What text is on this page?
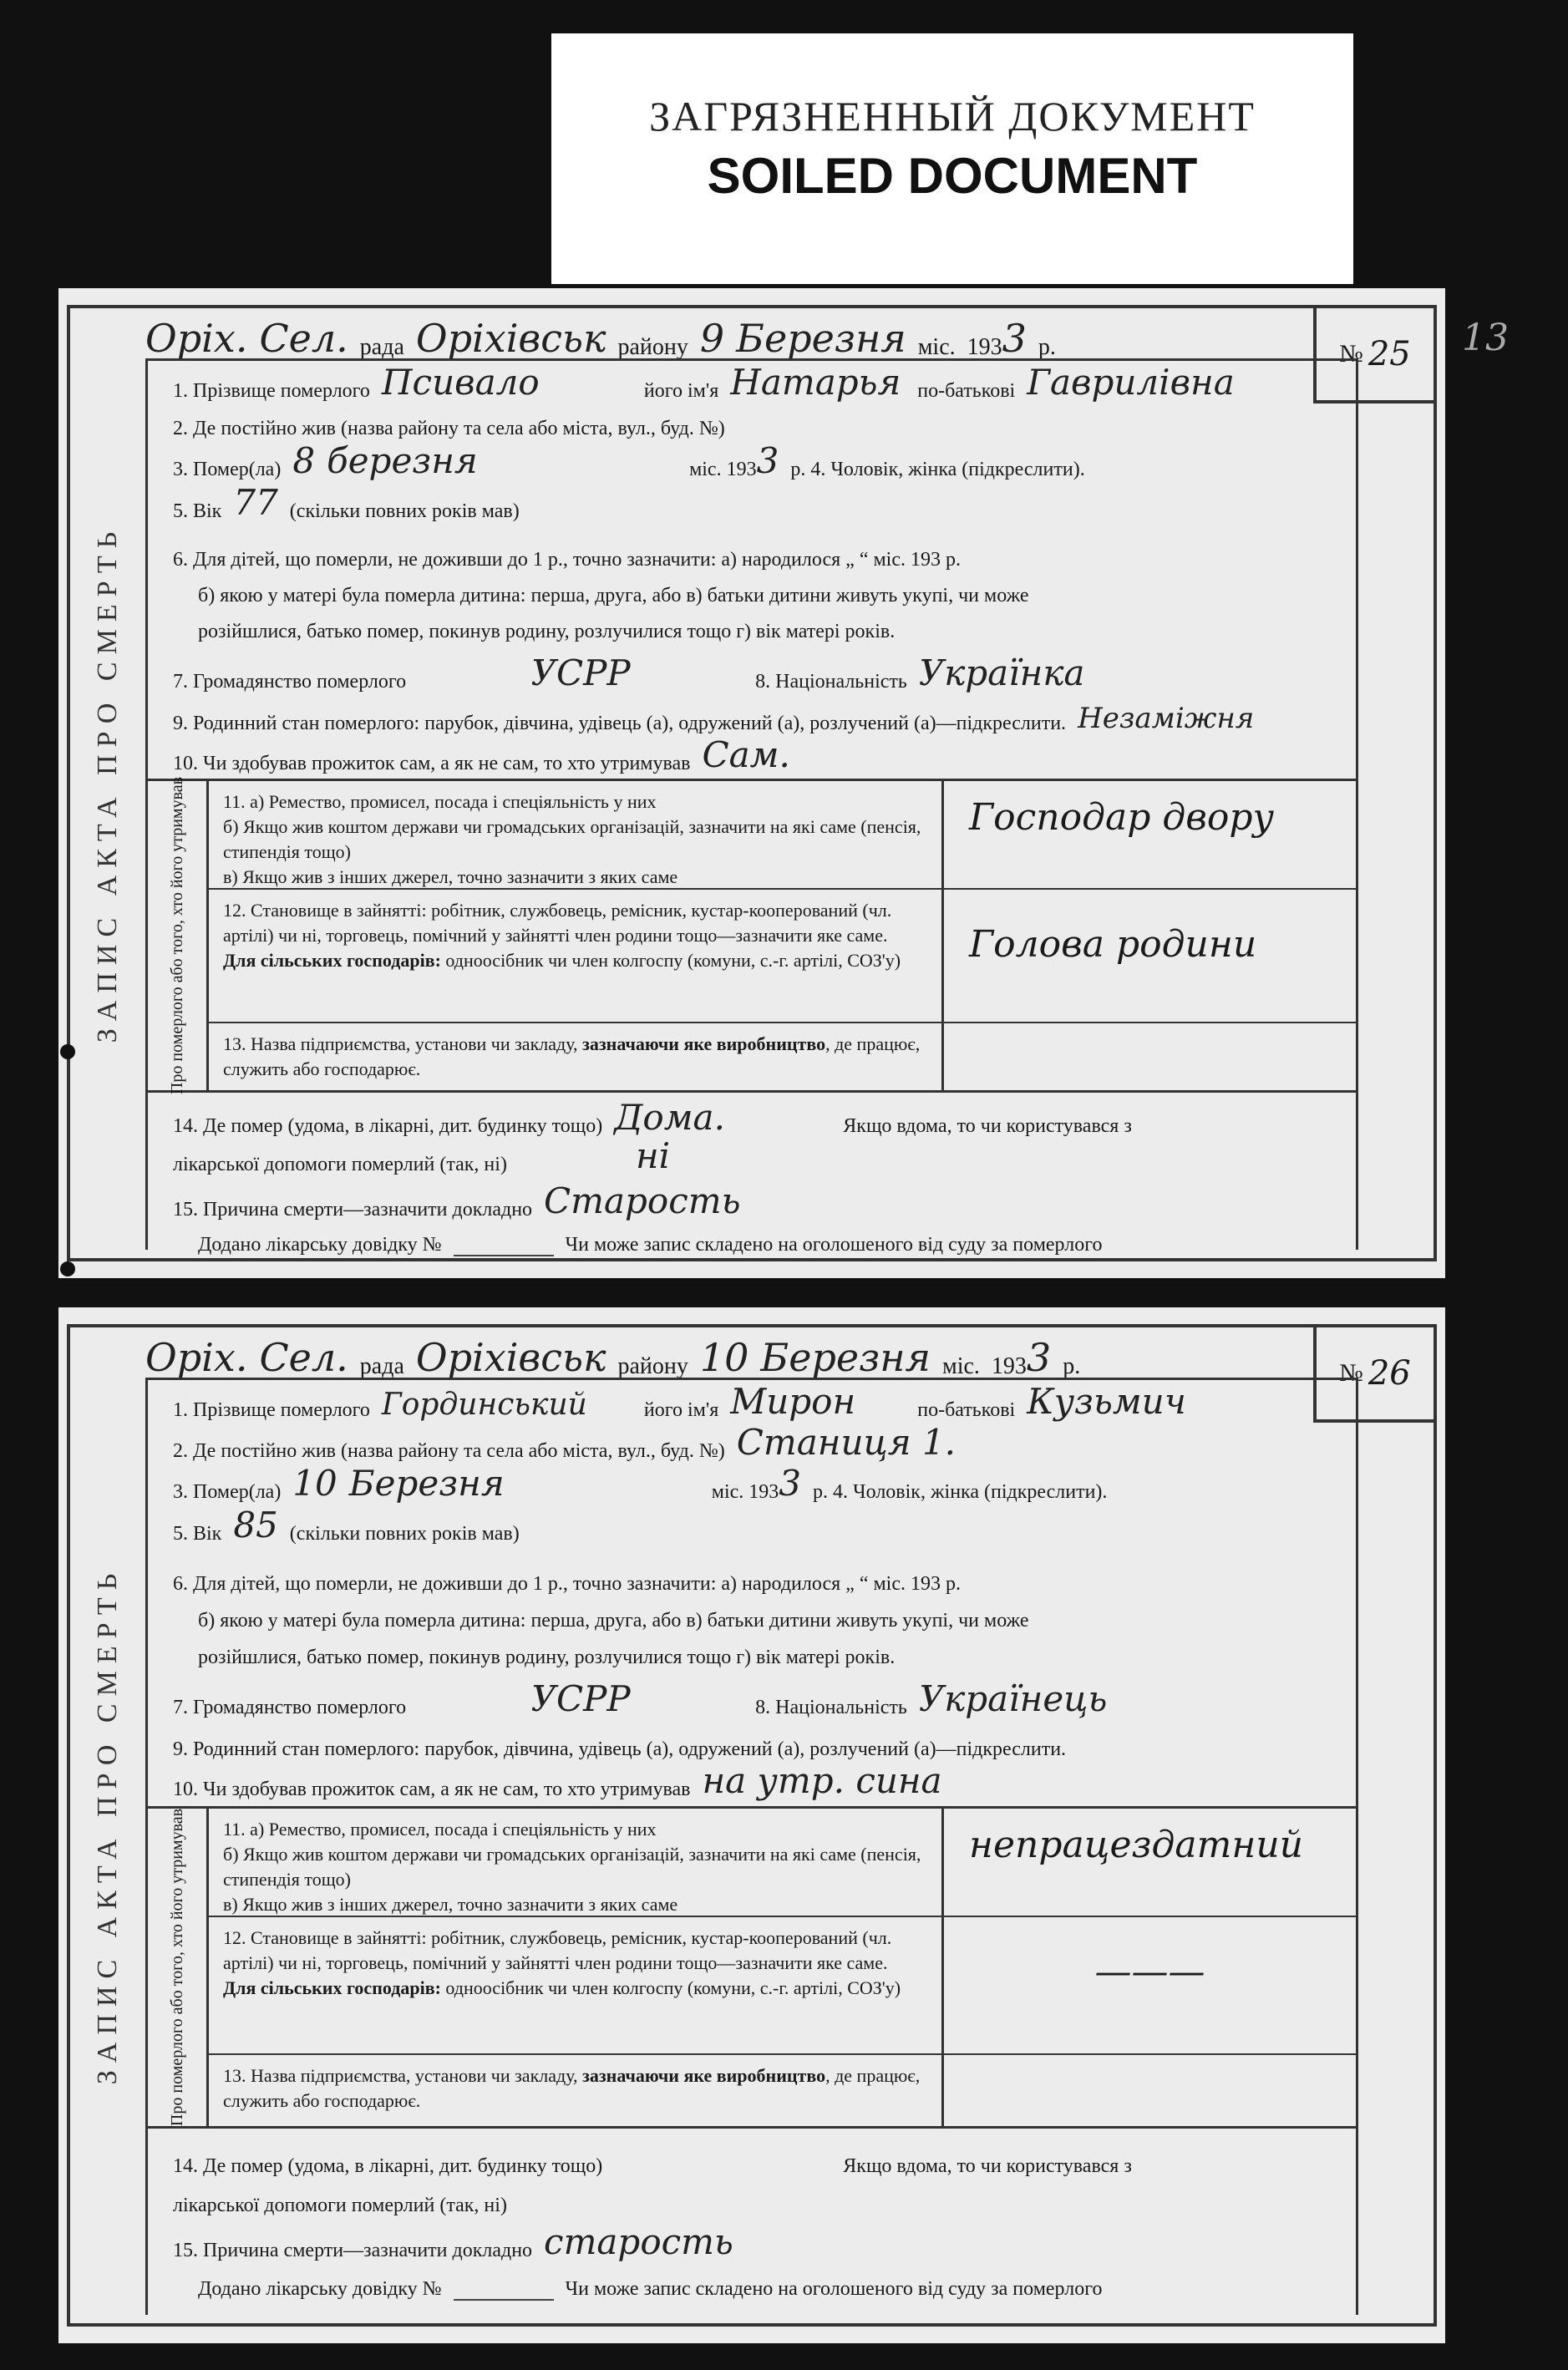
ЗАГРЯЗНЕННЫЙ ДОКУМЕНТ
SOILED DOCUMENT
ЗАПИС АКТА ПРО СМЕРТЬ
Оріх. Сел. рада Оріхівськ району 9 Березня міс. 193 3 р.	№ 25 13
1. Прізвище померлого Псивало	його ім'я Натарья по-батькові Гаврилівна
2. Де постійно жив (назва району та села або міста, вул., буд. №)
3. Помер(ла) 8 березня	міс. 193 3 р. 4. Чоловік, жінка (підкреслити).
5. Вік 77 (скільки повних років мав)
6. Для дітей, що померли, не доживши до 1 р., точно зазначити: а) народилося „ “ міс. 193 р.
б) якою у матері була померла дитина: перша, друга, або в) батьки дитини живуть укупі, чи може
розійшлися, батько помер, покинув родину, розлучилися тощо г) вік матері років.
7. Громадянство померлого	УСРР	8. Національність Українка
9. Родинний стан померлого: парубок, дівчина, удівець (а), одружений (а), розлучений (а)—підкреслити. Незаміжня
10. Чи здобував прожиток сам, а як не сам, то хто утримував Сам.
Про померлого або того, хто його утримував 11. а) Ремество, промисел, посада і спеціяльність у них
б) Якщо жив коштом держави чи громадських організацій, зазначити на які саме (пенсія, стипендія тощо)
в) Якщо жив з інших джерел, точно зазначити з яких саме
Господар двору
12. Становище в зайнятті: робітник, службовець, ремісник, кустар-кооперований (чл. артілі) чи ні, торговець, помічний у зайнятті член родини тощо—зазначити яке саме.
Для сільських господарів: одноосібник чи член колгоспу (комуни, с.-г. артілі, СОЗ'у)	Голова родини
13. Назва підприємства, установи чи закладу, зазначаючи яке виробництво, де працює, служить або господарює.
14. Де помер (удома, в лікарні, дит. будинку тощо) Дома.	Якщо вдома, то чи користувався з
лікарської допомоги померлий (так, ні)	ні
15. Причина смерти—зазначити докладно Старость
Додано лікарську довідку №	Чи може запис складено на оголошеного від суду за померлого
ЗАПИС АКТА ПРО СМЕРТЬ
Оріх. Сел. рада Оріхівськ району 10 Березня міс. 193 3 р.	№ 26
1. Прізвище померлого Гординський	його ім'я Мирон	по-батькові Кузьмич
2. Де постійно жив (назва району та села або міста, вул., буд. №) Станиця 1.
3. Помер(ла) 10 Березня	міс. 193 3 р. 4. Чоловік, жінка (підкреслити).
5. Вік 85 (скільки повних років мав)
6. Для дітей, що померли, не доживши до 1 р., точно зазначити: а) народилося „ “ міс. 193 р.
б) якою у матері була померла дитина: перша, друга, або в) батьки дитини живуть укупі, чи може
розійшлися, батько помер, покинув родину, розлучилися тощо г) вік матері років.
7. Громадянство померлого	УСРР	8. Національність Українець
9. Родинний стан померлого: парубок, дівчина, удівець (а), одружений (а), розлучений (а)—підкреслити.
10. Чи здобував прожиток сам, а як не сам, то хто утримував на утр. сина
Про померлого або того, хто його утримував 11. а) Ремество, промисел, посада і спеціяльність у них
б) Якщо жив коштом держави чи громадських організацій, зазначити на які саме (пенсія, стипендія тощо)
в) Якщо жив з інших джерел, точно зазначити з яких саме
непрацездатний
12. Становище в зайнятті: робітник, службовець, ремісник, кустар-кооперований (чл. артілі) чи ні, торговець, помічний у зайнятті член родини тощо—зазначити яке саме.
Для сільських господарів: одноосібник чи член колгоспу (комуни, с.-г. артілі, СОЗ'у)	———
13. Назва підприємства, установи чи закладу, зазначаючи яке виробництво, де працює, служить або господарює.
14. Де помер (удома, в лікарні, дит. будинку тощо)	Якщо вдома, то чи користувався з
лікарської допомоги померлий (так, ні)
15. Причина смерти—зазначити докладно старость
Додано лікарську довідку №	Чи може запис складено на оголошеного від суду за померлого
